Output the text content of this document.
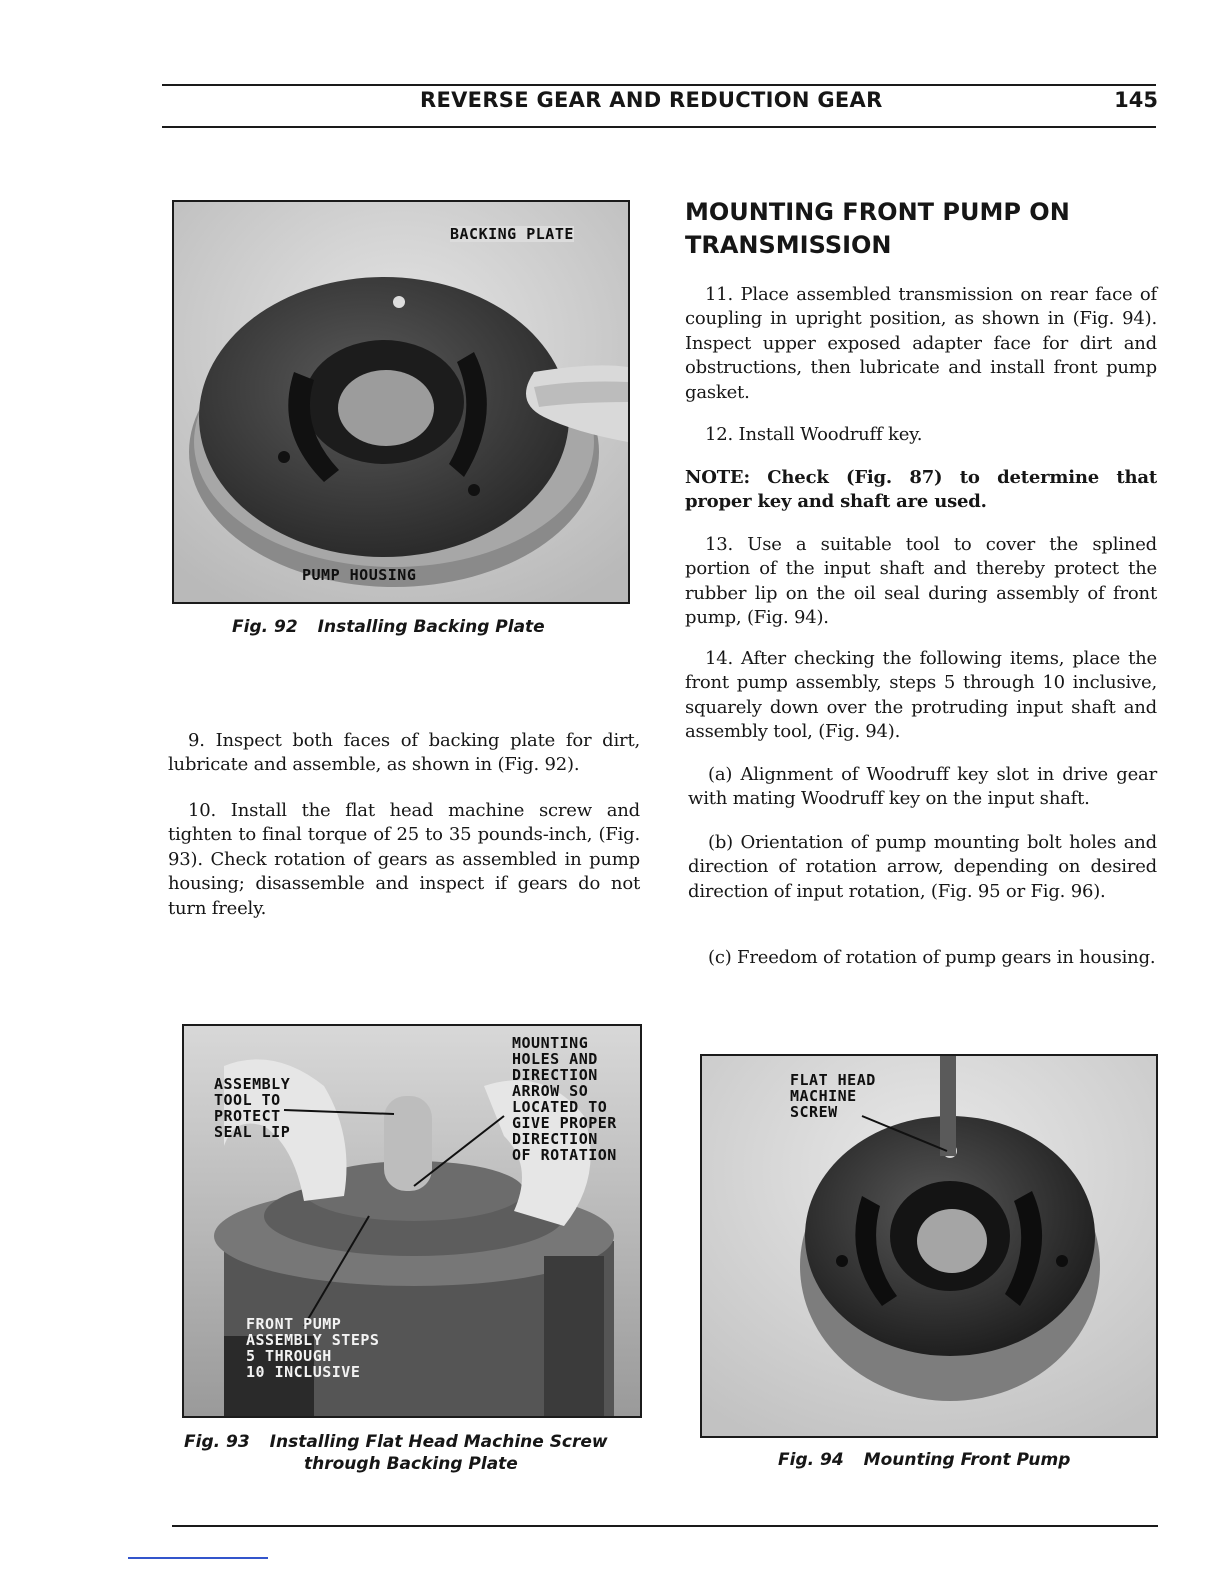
REVERSE GEAR AND REDUCTION GEAR	145
BACKING PLATE
PUMP HOUSING
Fig. 92 Installing Backing Plate

9. Inspect both faces of backing plate for dirt, lubricate and assemble, as shown in (Fig. 92).

10. Install the flat head machine screw and tighten to final torque of 25 to 35 pounds-inch, (Fig. 93). Check rotation of gears as assembled in pump housing; disassemble and inspect if gears do not turn freely.

MOUNTING FRONT PUMP ON TRANSMISSION

11. Place assembled transmission on rear face of coupling in upright position, as shown in (Fig. 94). Inspect upper exposed adapter face for dirt and obstructions, then lubricate and install front pump gasket.

12. Install Woodruff key.

NOTE: Check (Fig. 87) to determine that proper key and shaft are used.

13. Use a suitable tool to cover the splined portion of the input shaft and thereby protect the rubber lip on the oil seal during assembly of front pump, (Fig. 94).

14. After checking the following items, place the front pump assembly, steps 5 through 10 inclusive, squarely down over the protruding input shaft and assembly tool, (Fig. 94).

(a) Alignment of Woodruff key slot in drive gear with mating Woodruff key on the input shaft.

(b) Orientation of pump mounting bolt holes and direction of rotation arrow, depending on desired direction of input rotation, (Fig. 95 or Fig. 96).

(c) Freedom of rotation of pump gears in housing.

ASSEMBLY
TOOL TO
PROTECT
SEAL LIP
MOUNTING
HOLES AND
DIRECTION
ARROW SO
LOCATED TO
GIVE PROPER
DIRECTION
OF ROTATION
FRONT PUMP
ASSEMBLY STEPS
5 THROUGH
10 INCLUSIVE
Fig. 93 Installing Flat Head Machine Screw
through Backing Plate
FLAT HEAD
MACHINE
SCREW
Fig. 94 Mounting Front Pump
